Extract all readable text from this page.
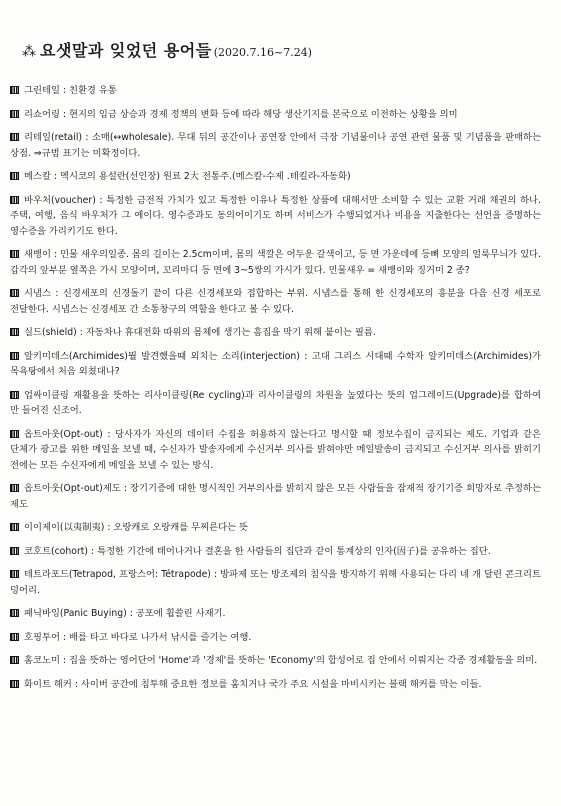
⁂ 요샛말과 잊었던 용어들 (2020.7.16~7.24)
그린테일 : 친환경 유통
리쇼어링 : 현지의 임금 상승과 경제 정책의 변화 등에 따라 해당 생산기지를 본국으로 이전하는 상황을 의미
리테일(retail) : 소매(↔wholesale). 무대 뒤의 공간이나 공연장 안에서 극장 기념물이나 공연 관련 물품 및 기념품을 판매하는 상점. ⇒규범 표기는 미확정이다.
메스칼 : 멕시코의 용설란(선인장) 원료 2大 전통주.(메스칼-수제 .테킬라-자동화)
바우처(voucher) : 특정한 금전적 가치가 있고 특정한 이유나 특정한 상품에 대해서만 소비할 수 있는 교환 거래 채권의 하나. 주택, 여행, 음식 바우처가 그 예이다. 영수증과도 동의어이기도 하며 서비스가 수행되었거나 비용을 지출한다는 선언을 증명하는 영수증을 가리키기도 한다.
새뱅이 : 민물 새우의일종. 몸의 길이는 2.5cm이며, 몸의 색깔은 어두운 갈색이고, 등 면 가운데에 등뼈 모양의 얼룩무늬가 있다. 갑각의 앞부분 옆쪽은 가시 모양이며, 꼬리마디 등 면에 3~5쌍의 가시가 있다. 민물새우 = 새뱅이와 징거미 2 종?
시냅스 : 신경세포의 신경돌기 끝이 다른 신경세포와 접합하는 부위. 시냅스를 통해 한 신경세포의 흥분을 다음 신경 세포로 전달한다. 시냅스는 신경세포 간 소통창구의 역할을 한다고 볼 수 있다.
실드(shield) : 자동차나 휴대전화 따위의 몸체에 생기는 흠집을 막기 위해 붙이는 필름.
알키미데스(Archimides)뭘 발견했을때 외치는 소리(interjection) : 고대 그리스 시대때 수학자 알키미데스(Archimides)가 목욕탕에서 처음 외쳤대나?
업싸이클링 재활용을 뜻하는 리사이클링(Re cycling)과 리사이클링의 차원을 높였다는 뜻의 업그레이드(Upgrade)를 합하여 만 들어진 신조어.
옵트아웃(Opt-out) : 당사자가 자신의 데이터 수집을 허용하지 않는다고 명시할 때 정보수집이 금지되는 제도. 기업과 같은 단체가 광고를 위한 메일을 보낼 때, 수신자가 발송자에게 수신거부 의사를 밝혀야만 메일발송이 금지되고 수신거부 의사를 밝히기 전에는 모든 수신자에게 메일을 보낼 수 있는 방식.
옵트아웃(Opt-out)제도 : 장기기증에 대한 명시적인 거부의사를 밝히지 않은 모든 사람들을 잠재적 장기기증 희망자로 추정하는 제도
이이제이(以夷制夷) : 오랑캐로 오랑캐를 무찌른다는 뜻
코호트(cohort) : 특정한 기간에 태어나거나 결혼을 한 사람들의 집단과 같이 통계상의 인자(因子)를 공유하는 집단.
테트라포드(Tetrapod, 프랑스어: Tétrapode) : 방파제 또는 방조제의 침식을 방지하기 위해 사용되는 다리 네 개 달린 콘크리트 덩어리.
패닉바잉(Panic Buying) : 공포에 휩쓸린 사재기.
호핑투어 : 배를 타고 바다로 나가서 낚시를 즐기는 여행.
홈코노미 : 집을 뜻하는 영어단어 'Home'과 '경제'를 뜻하는 'Economy'의 합성어로 집 안에서 이뤄지는 각종 경제활동을 의미.
화이트 해커 : 사이버 공간에 침투해 중요한 정보를 훔치거나 국가 주요 시설을 마비시키는 블랙 해커를 막는 이들.
